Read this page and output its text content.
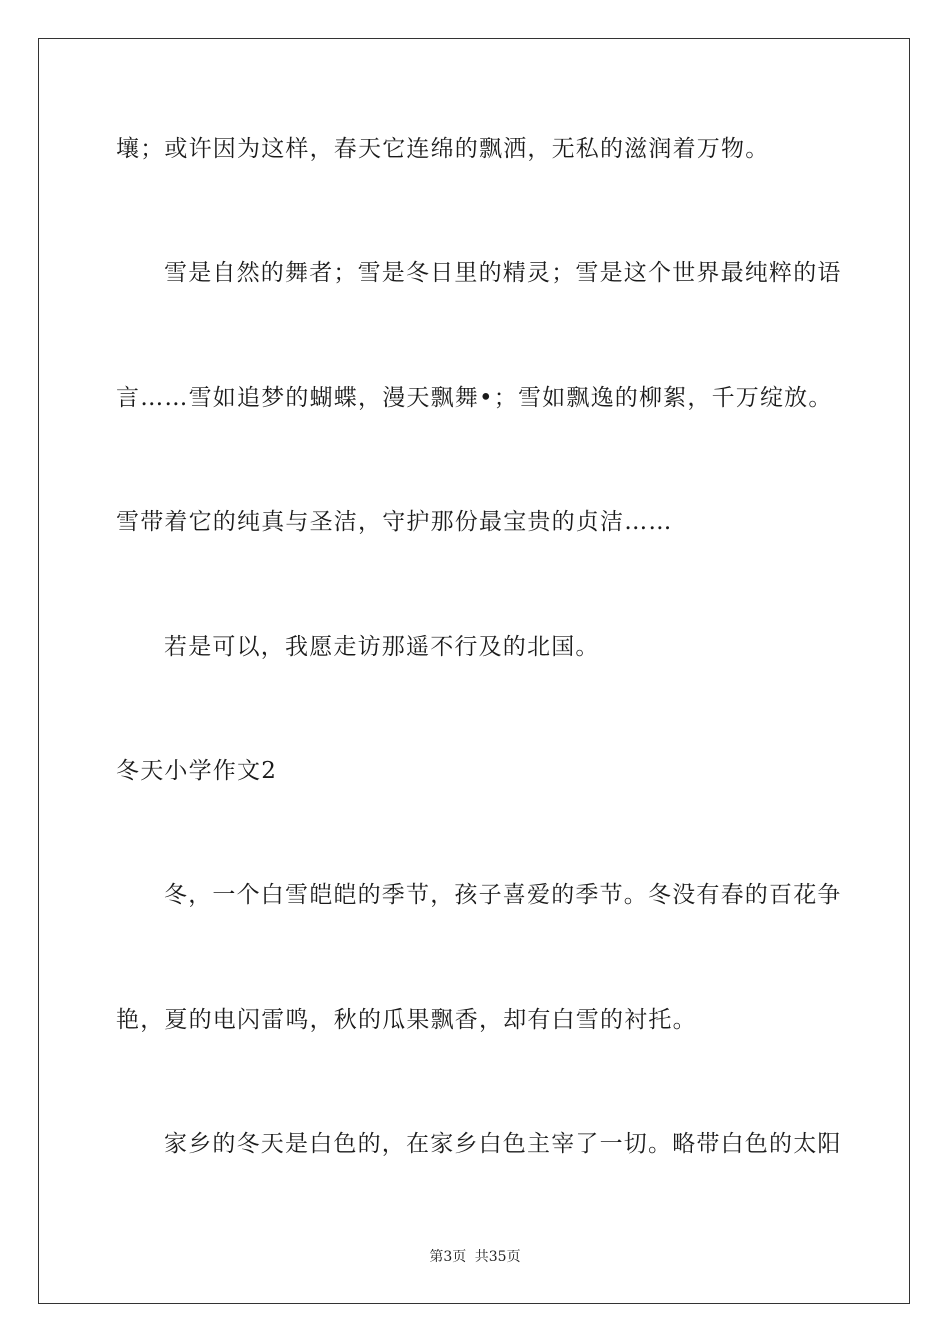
壤；或许因为这样，春天它连绵的飘洒，无私的滋润着万物。
雪是自然的舞者；雪是冬日里的精灵；雪是这个世界最纯粹的语
言……雪如追梦的蝴蝶，漫天飘舞•；雪如飘逸的柳絮，千万绽放。
雪带着它的纯真与圣洁，守护那份最宝贵的贞洁……
若是可以，我愿走访那遥不行及的北国。
冬天小学作文2
冬，一个白雪皑皑的季节，孩子喜爱的季节。冬没有春的百花争
艳，夏的电闪雷鸣，秋的瓜果飘香，却有白雪的衬托。
家乡的冬天是白色的，在家乡白色主宰了一切。略带白色的太阳
第3页 共35页
